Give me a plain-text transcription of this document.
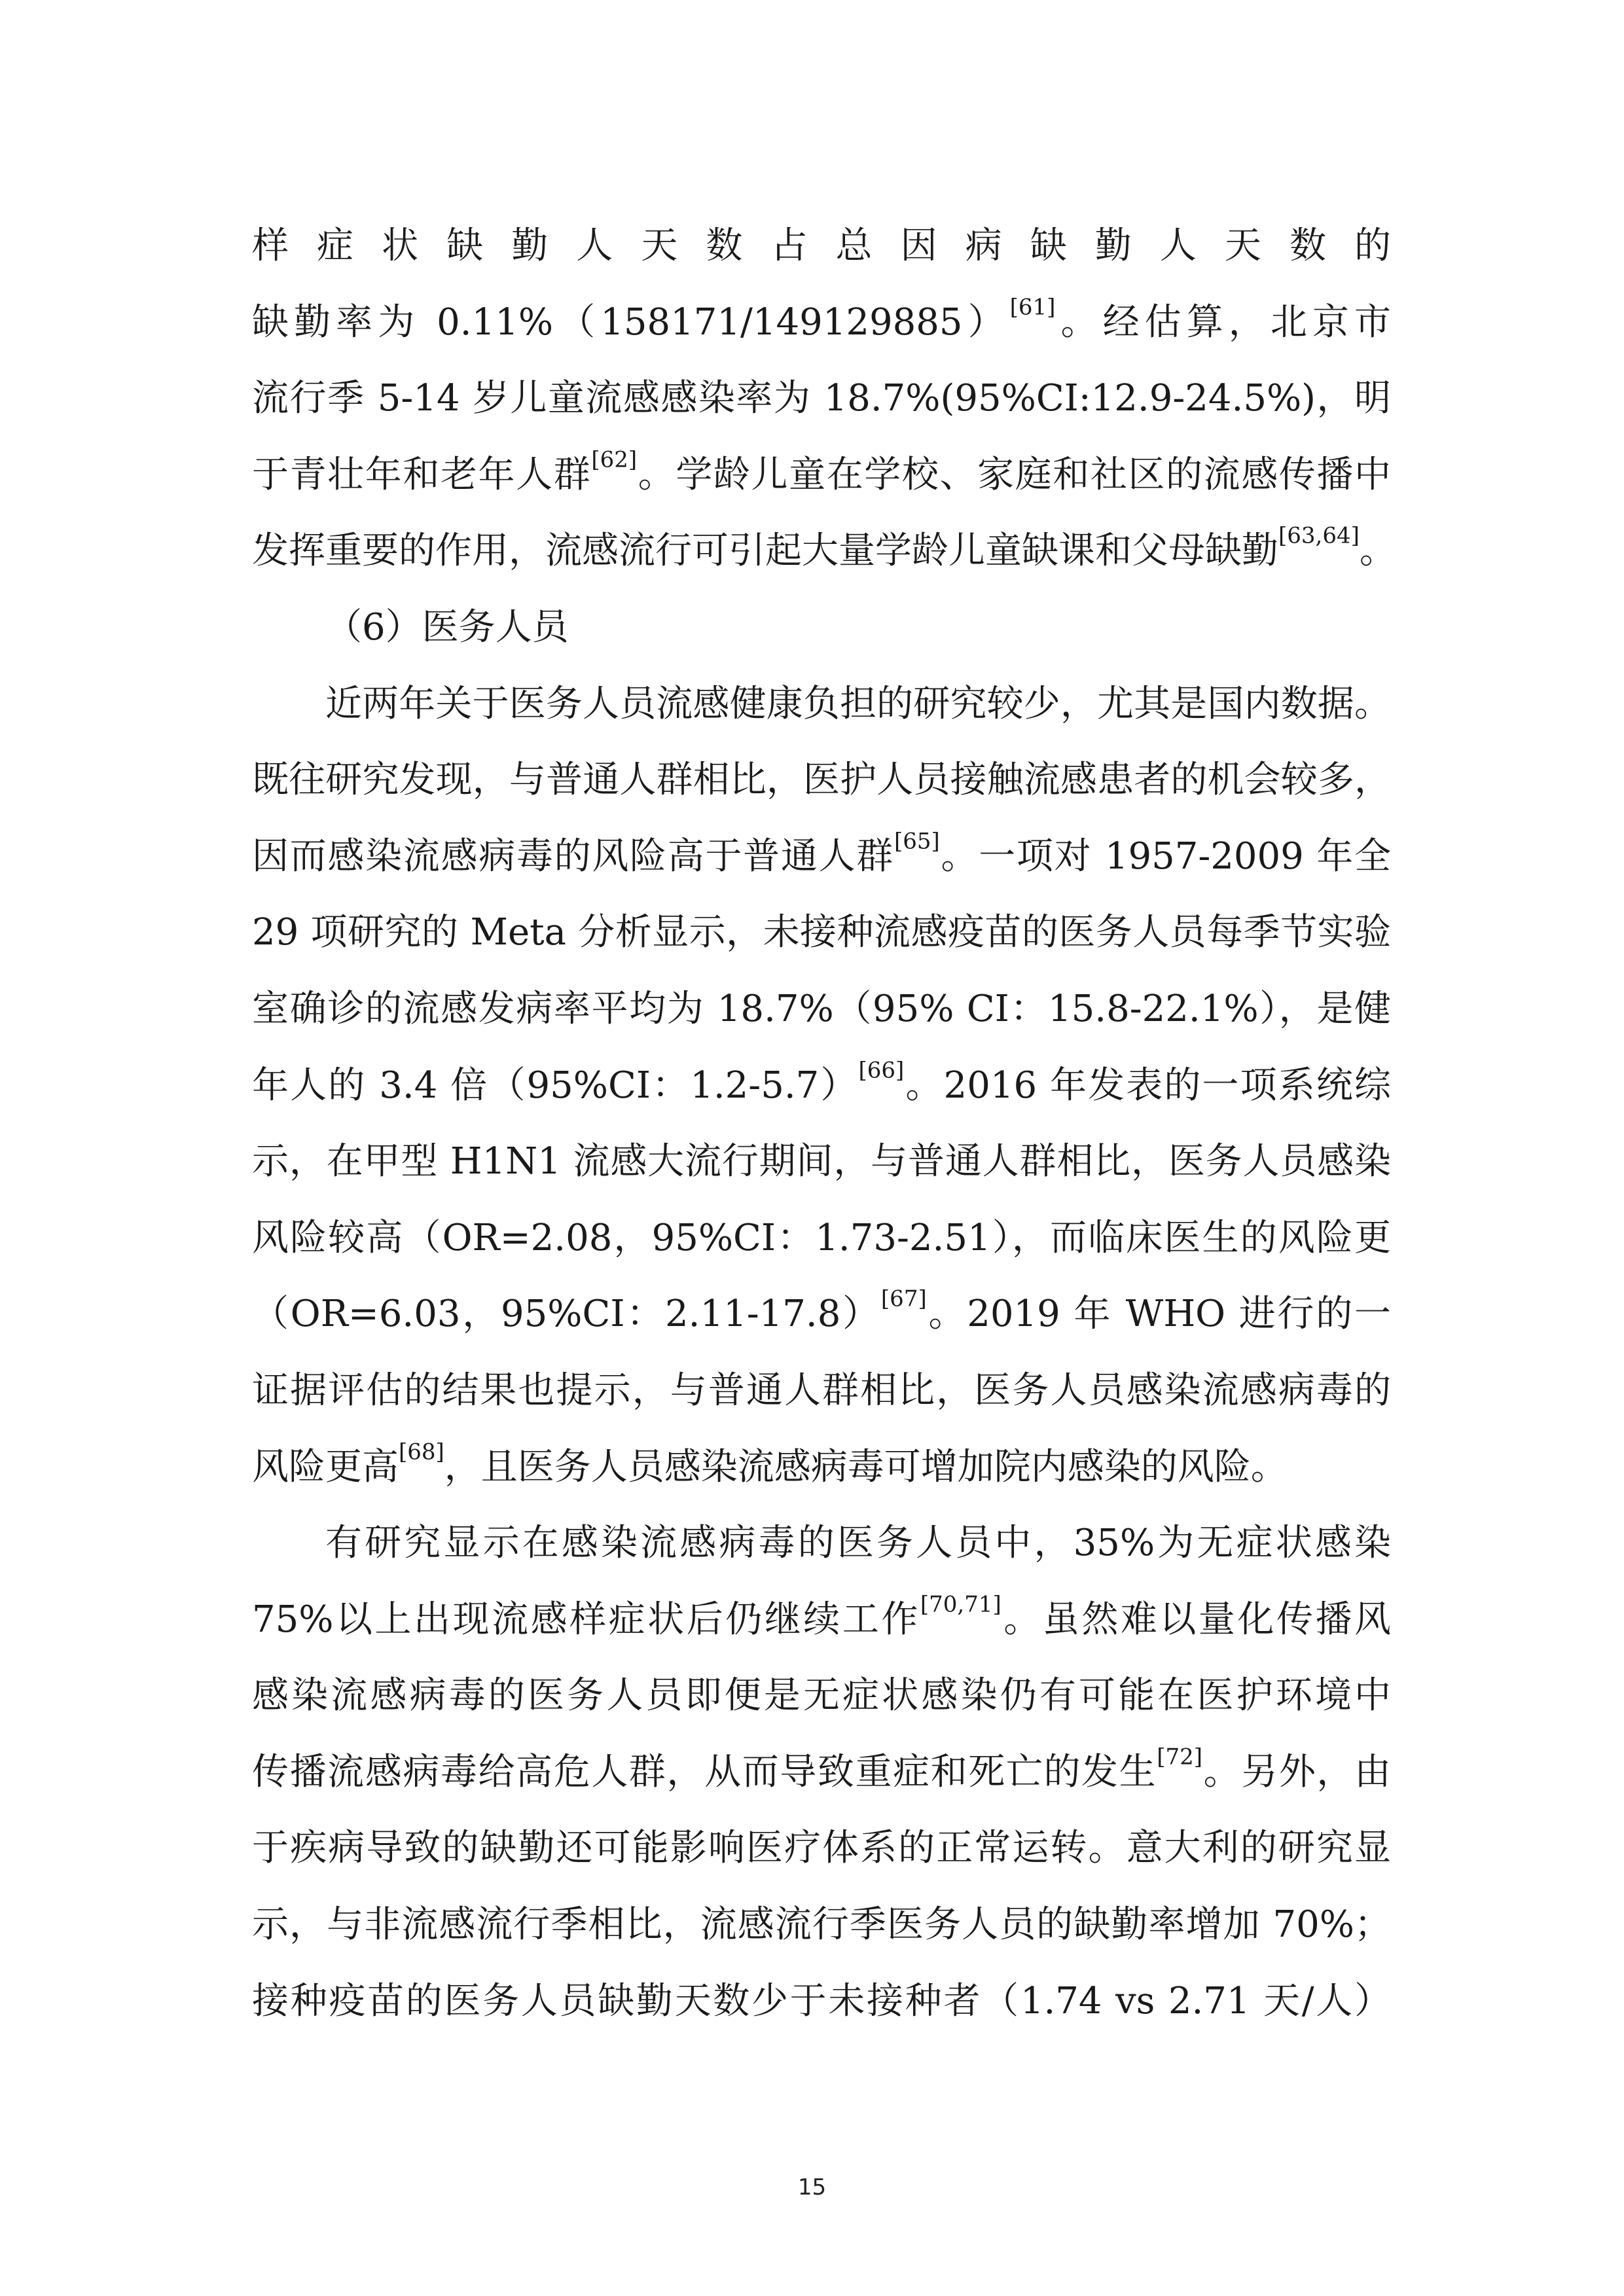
样症状缺勤人天数占总因病缺勤人天数的
缺勤率为 0.11%（158171/149129885）[61]。经估算，北京市
流行季 5-14 岁儿童流感感染率为 18.7%(95%CI:12.9-24.5%)，明
于青壮年和老年人群[62]。学龄儿童在学校、家庭和社区的流感传播中
发挥重要的作用，流感流行可引起大量学龄儿童缺课和父母缺勤[63,64]。
（6）医务人员
近两年关于医务人员流感健康负担的研究较少，尤其是国内数据。
既往研究发现，与普通人群相比，医护人员接触流感患者的机会较多，
因而感染流感病毒的风险高于普通人群[65]。一项对 1957-2009 年全
29 项研究的 Meta 分析显示，未接种流感疫苗的医务人员每季节实验
室确诊的流感发病率平均为 18.7%（95% CI：15.8-22.1%），是健
年人的 3.4 倍（95%CI：1.2-5.7）[66]。2016 年发表的一项系统综
示，在甲型 H1N1 流感大流行期间，与普通人群相比，医务人员感染
风险较高（OR=2.08，95%CI：1.73-2.51），而临床医生的风险更
（OR=6.03，95%CI：2.11-17.8）[67]。2019 年 WHO 进行的一
证据评估的结果也提示，与普通人群相比，医务人员感染流感病毒的
风险更高[68]，且医务人员感染流感病毒可增加院内感染的风险。
有研究显示在感染流感病毒的医务人员中，35%为无症状感染
75%以上出现流感样症状后仍继续工作[70,71]。虽然难以量化传播风
感染流感病毒的医务人员即便是无症状感染仍有可能在医护环境中
传播流感病毒给高危人群，从而导致重症和死亡的发生[72]。另外，由
于疾病导致的缺勤还可能影响医疗体系的正常运转。意大利的研究显
示，与非流感流行季相比，流感流行季医务人员的缺勤率增加 70%；
接种疫苗的医务人员缺勤天数少于未接种者（1.74 vs 2.71 天/人）
15
